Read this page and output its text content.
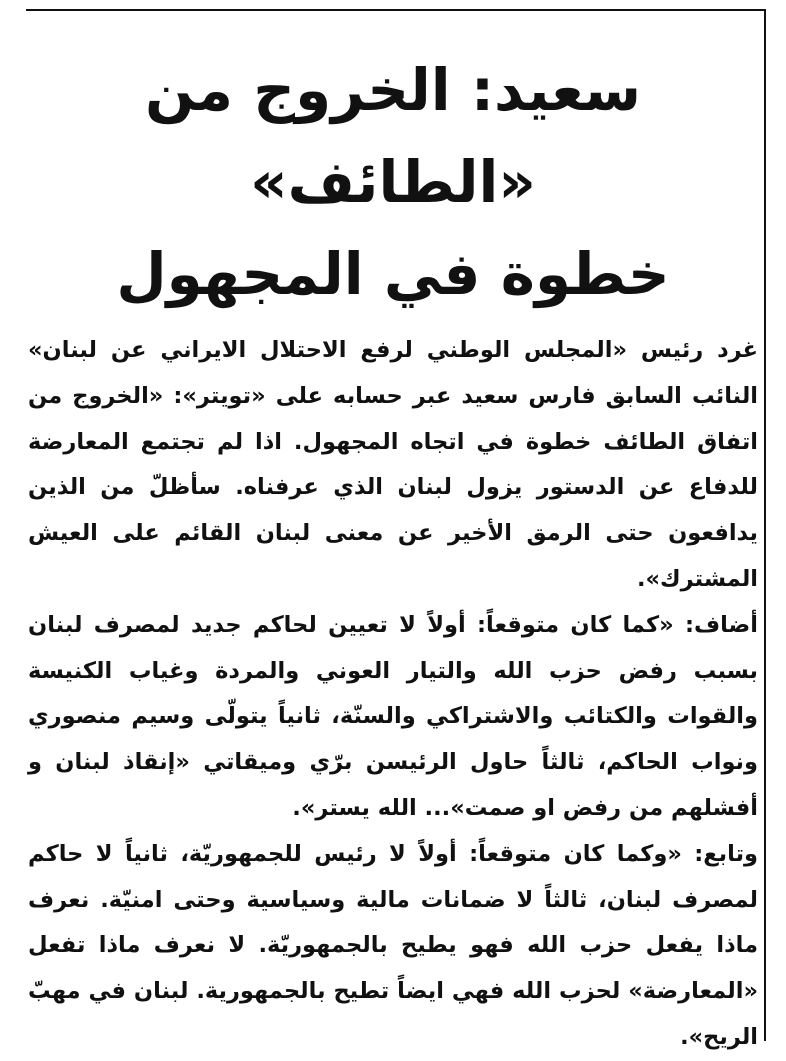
سعيد: الخروج من «الطائف»
خطوة في المجهول

غرد رئيس «المجلس الوطني لرفع الاحتلال الايراني عن لبنان» النائب السابق فارس سعيد عبر حسابه على «تويتر»: «الخروج من اتفاق الطائف خطوة في اتجاه المجهول. اذا لم تجتمع المعارضة للدفاع عن الدستور يزول لبنان الذي عرفناه. سأظلّ من الذين يدافعون حتى الرمق الأخير عن معنى لبنان القائم على العيش المشترك».

أضاف: «كما كان متوقعاً: أولاً لا تعيين لحاكم جديد لمصرف لبنان بسبب رفض حزب الله والتيار العوني والمردة وغياب الكنيسة والقوات والكتائب والاشتراكي والسنّة، ثانياً يتولّى وسيم منصوري ونواب الحاكم، ثالثاً حاول الرئيسن برّي وميقاتي «إنقاذ لبنان و أفشلهم من رفض او صمت»... الله يستر».

وتابع: «وكما كان متوقعاً: أولاً لا رئيس للجمهوريّة، ثانياً لا حاكم لمصرف لبنان، ثالثاً لا ضمانات مالية وسياسية وحتى امنيّة. نعرف ماذا يفعل حزب الله فهو يطيح بالجمهوريّة. لا نعرف ماذا تفعل «المعارضة» لحزب الله فهي ايضاً تطيح بالجمهورية. لبنان في مهبّ الريح».
